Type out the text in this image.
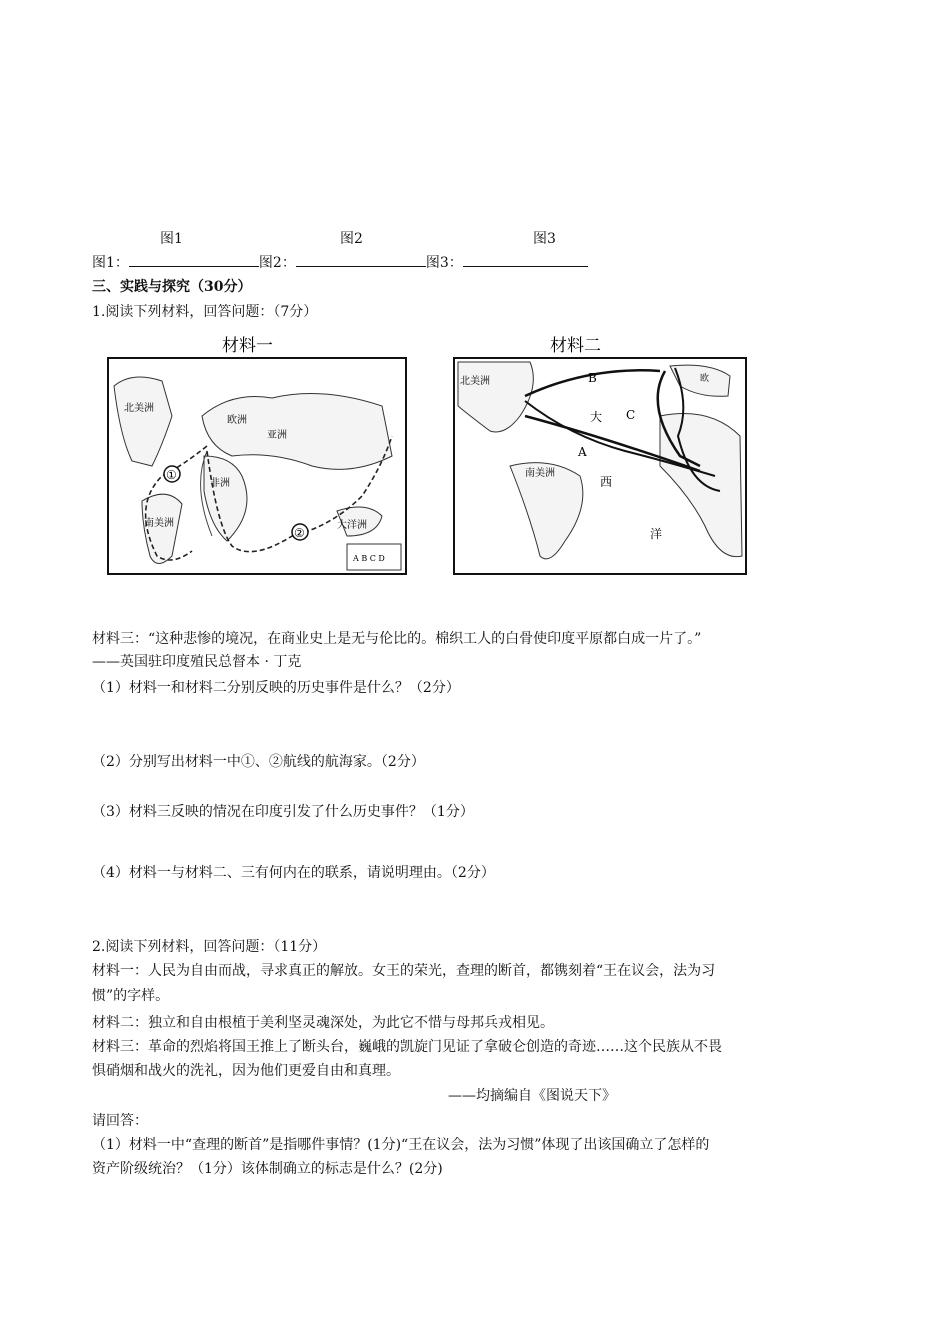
图1	图2	图3
图1：	图2：	图3：
三、实践与探究（30分）
1.阅读下列材料，回答问题：（7分）
材料一
北美洲
南美洲
欧洲
亚洲
非洲
大洋洲
①
②
A B C D
材料二
北美洲
南美洲
大
西
洋
欧
B
C
A
材料三：“这种悲惨的境况，在商业史上是无与伦比的。棉织工人的白骨使印度平原都白成一片了。”
——英国驻印度殖民总督本 · 丁克
（1）材料一和材料二分别反映的历史事件是什么？（2分）
（2）分别写出材料一中①、②航线的航海家。（2分）
（3）材料三反映的情况在印度引发了什么历史事件？（1分）
（4）材料一与材料二、三有何内在的联系，请说明理由。（2分）
2.阅读下列材料，回答问题：（11分）
材料一：人民为自由而战，寻求真正的解放。女王的荣光，查理的断首，都镌刻着“王在议会，法为习
惯”的字样。
材料二：独立和自由根植于美利坚灵魂深处，为此它不惜与母邦兵戎相见。
材料三：革命的烈焰将国王推上了断头台，巍峨的凯旋门见证了拿破仑创造的奇迹……这个民族从不畏
惧硝烟和战火的洗礼，因为他们更爱自由和真理。
——均摘编自《图说天下》
请回答：
（1）材料一中“查理的断首”是指哪件事情？(1分)“王在议会，法为习惯”体现了出该国确立了怎样的
资产阶级统治？（1分）该体制确立的标志是什么？(2分)
